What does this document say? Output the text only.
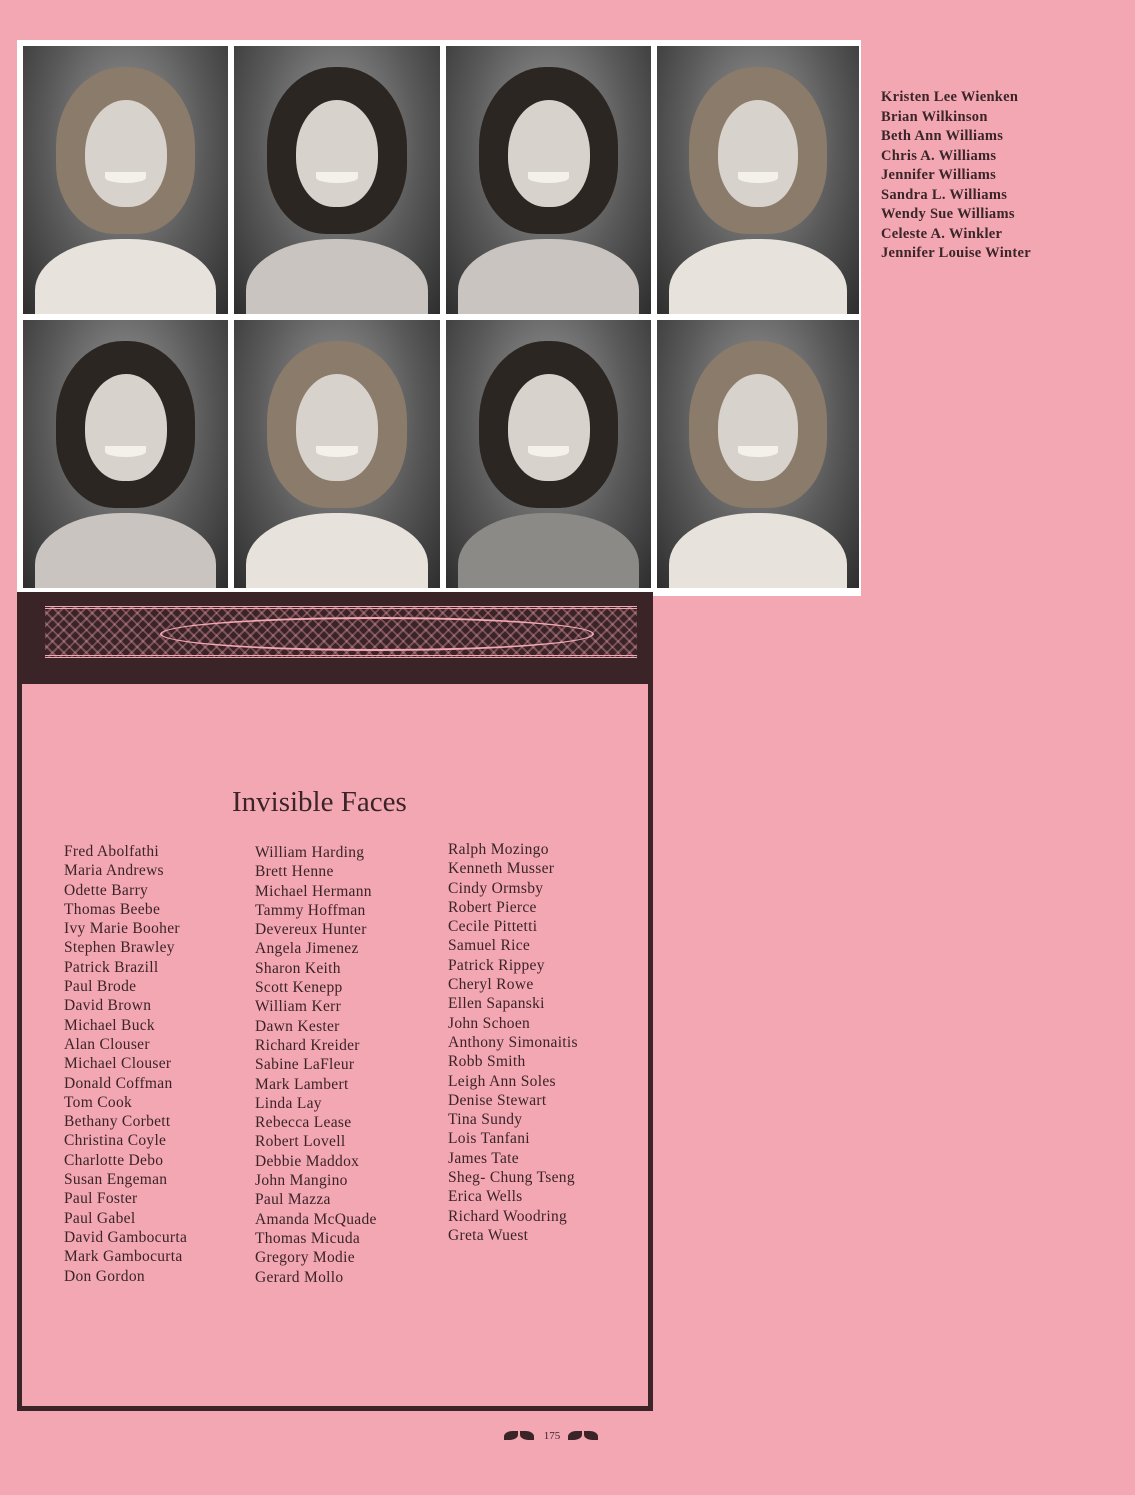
Kristen Lee Wienken
Brian Wilkinson
Beth Ann Williams
Chris A. Williams
Jennifer Williams
Sandra L. Williams
Wendy Sue Williams
Celeste A. Winkler
Jennifer Louise Winter
Invisible Faces
Fred Abolfathi
Maria Andrews
Odette Barry
Thomas Beebe
Ivy Marie Booher
Stephen Brawley
Patrick Brazill
Paul Brode
David Brown
Michael Buck
Alan Clouser
Michael Clouser
Donald Coffman
Tom Cook
Bethany Corbett
Christina Coyle
Charlotte Debo
Susan Engeman
Paul Foster
Paul Gabel
David Gambocurta
Mark Gambocurta
Don Gordon
William Harding
Brett Henne
Michael Hermann
Tammy Hoffman
Devereux Hunter
Angela Jimenez
Sharon Keith
Scott Kenepp
William Kerr
Dawn Kester
Richard Kreider
Sabine LaFleur
Mark Lambert
Linda Lay
Rebecca Lease
Robert Lovell
Debbie Maddox
John Mangino
Paul Mazza
Amanda McQuade
Thomas Micuda
Gregory Modie
Gerard Mollo
Ralph Mozingo
Kenneth Musser
Cindy Ormsby
Robert Pierce
Cecile Pittetti
Samuel Rice
Patrick Rippey
Cheryl Rowe
Ellen Sapanski
John Schoen
Anthony Simonaitis
Robb Smith
Leigh Ann Soles
Denise Stewart
Tina Sundy
Lois Tanfani
James Tate
Sheg- Chung Tseng
Erica Wells
Richard Woodring
Greta Wuest
175
